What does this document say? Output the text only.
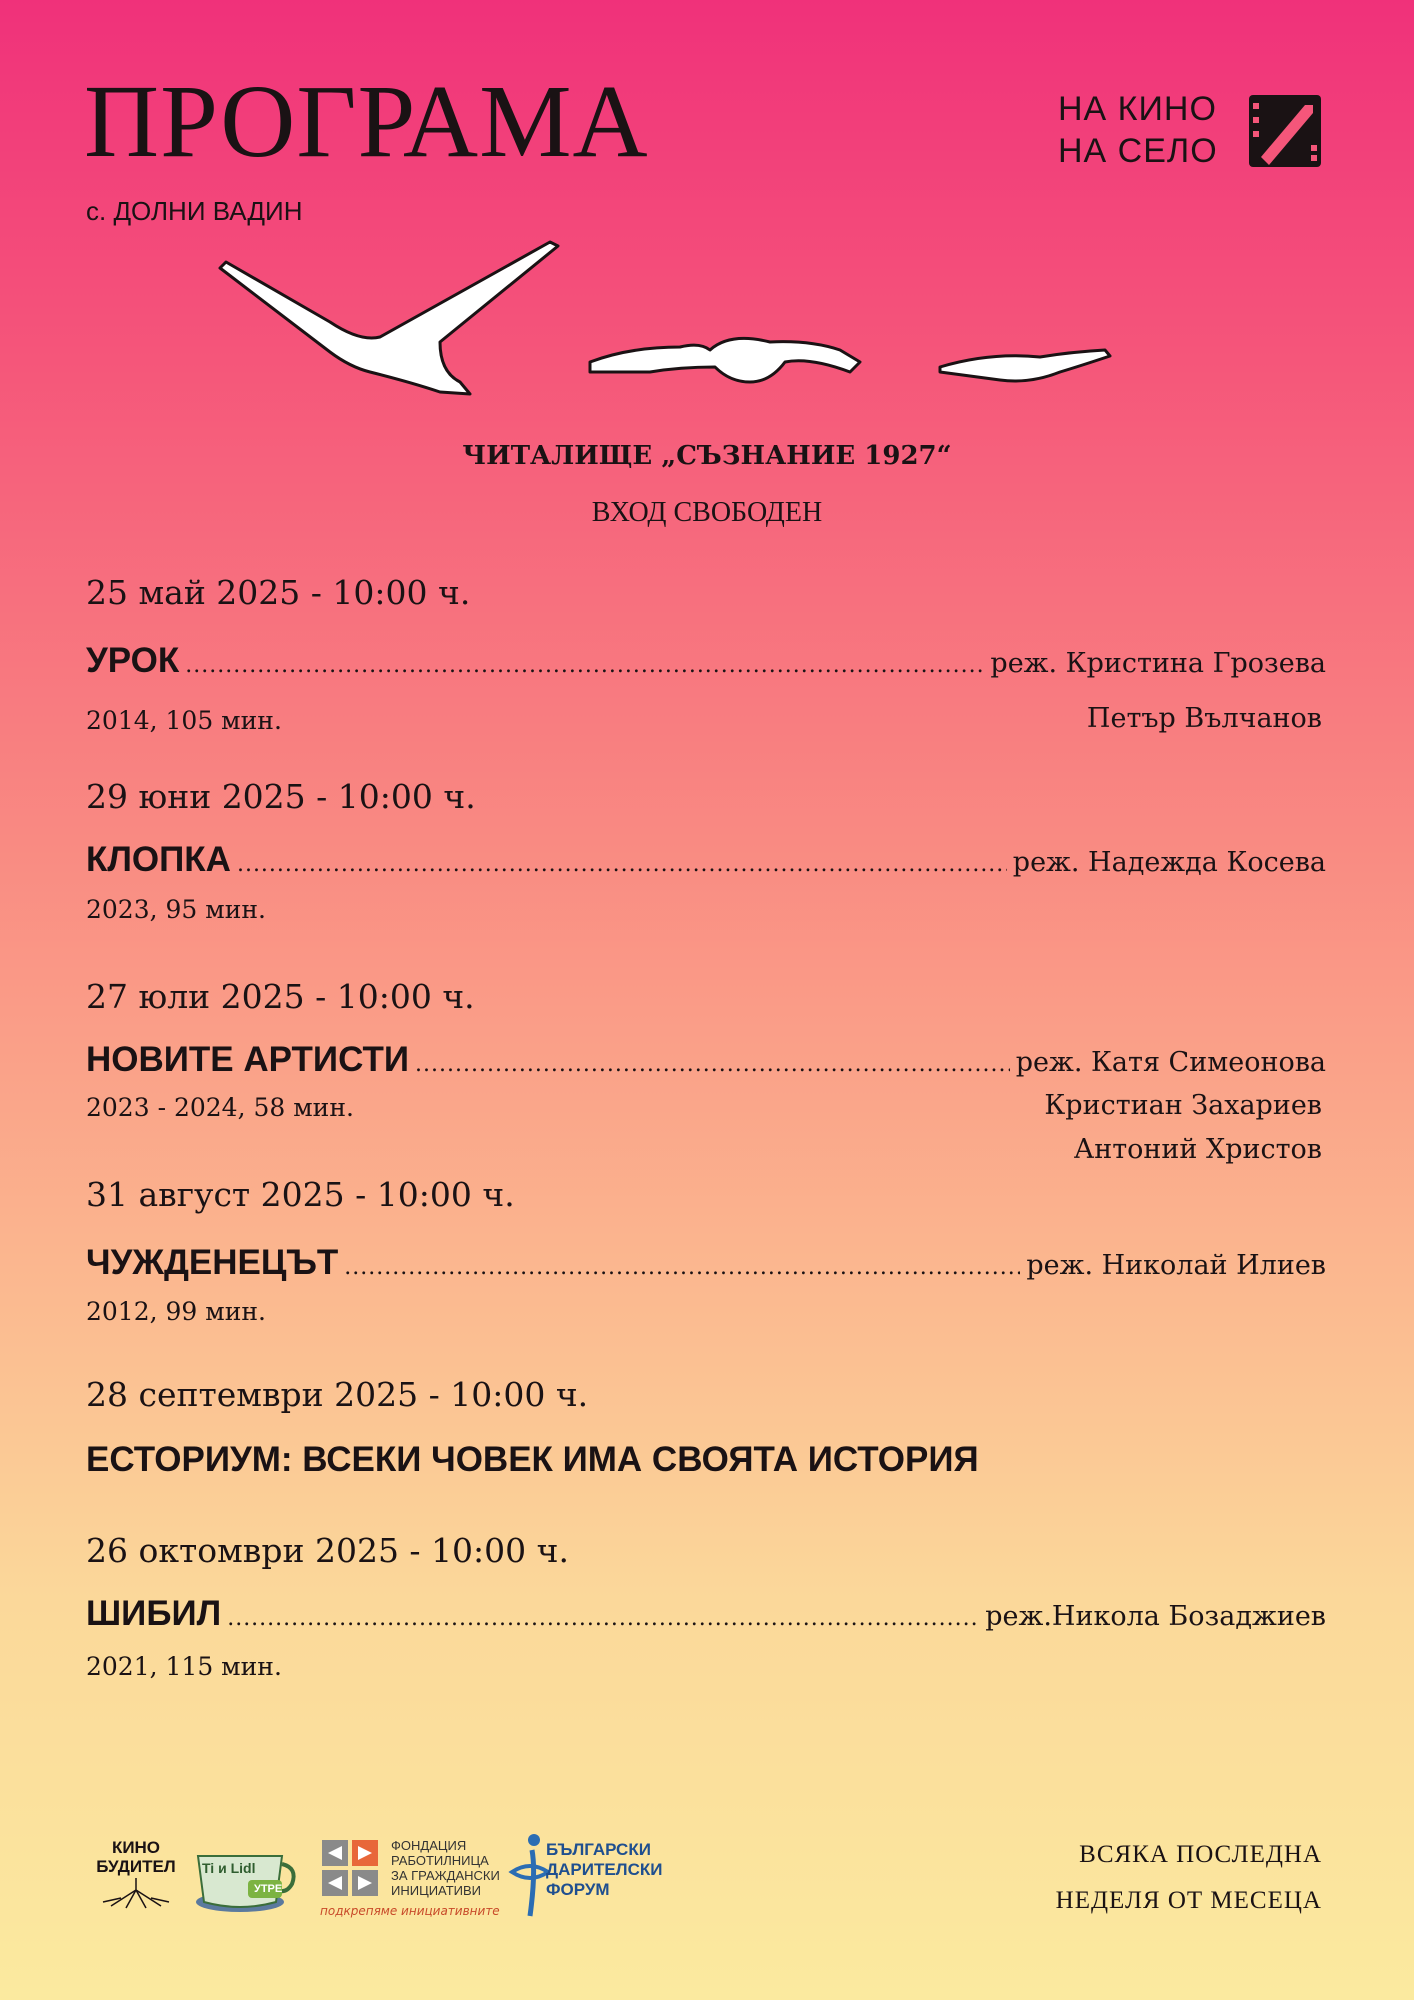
ПРОГРАМА
с. ДОЛНИ ВАДИН
НА КИНО
НА СЕЛО
ЧИТАЛИЩЕ „СЪЗНАНИЕ 1927“
ВХОД СВОБОДЕН
25 май 2025 - 10:00 ч.
УРОК .....	реж. Кристина Грозева
2014, 105 мин.	Петър Вълчанов
29 юни 2025 - 10:00 ч.
КЛОПКА .....	реж. Надежда Косева
2023, 95 мин.
27 юли 2025 - 10:00 ч.
НОВИТЕ АРТИСТИ .....	реж. Катя Симеонова
2023 - 2024, 58 мин.	Кристиан Захариев
Антоний Христов
31 август 2025 - 10:00 ч.
ЧУЖДЕНЕЦЪТ .....	реж. Николай Илиев
2012, 99 мин.
28 септември 2025 - 10:00 ч.
ЕСТОРИУМ: ВСЕКИ ЧОВЕК ИМА СВОЯТА ИСТОРИЯ
26 октомври 2025 - 10:00 ч.
ШИБИЛ .....	реж.Никола Бозаджиев
2021, 115 мин.
КИНО
БУДИТЕЛ	Ti и Lidl
УТРЕ
ФОНДАЦИЯ
РАБОТИЛНИЦА
ЗА ГРАЖДАНСКИ
ИНИЦИАТИВИ
подкрепяме инициативните
БЪЛГАРСКИ
ДАРИТЕЛСКИ
ФОРУМ
ВСЯКА ПОСЛЕДНА
НЕДЕЛЯ ОТ МЕСЕЦА
